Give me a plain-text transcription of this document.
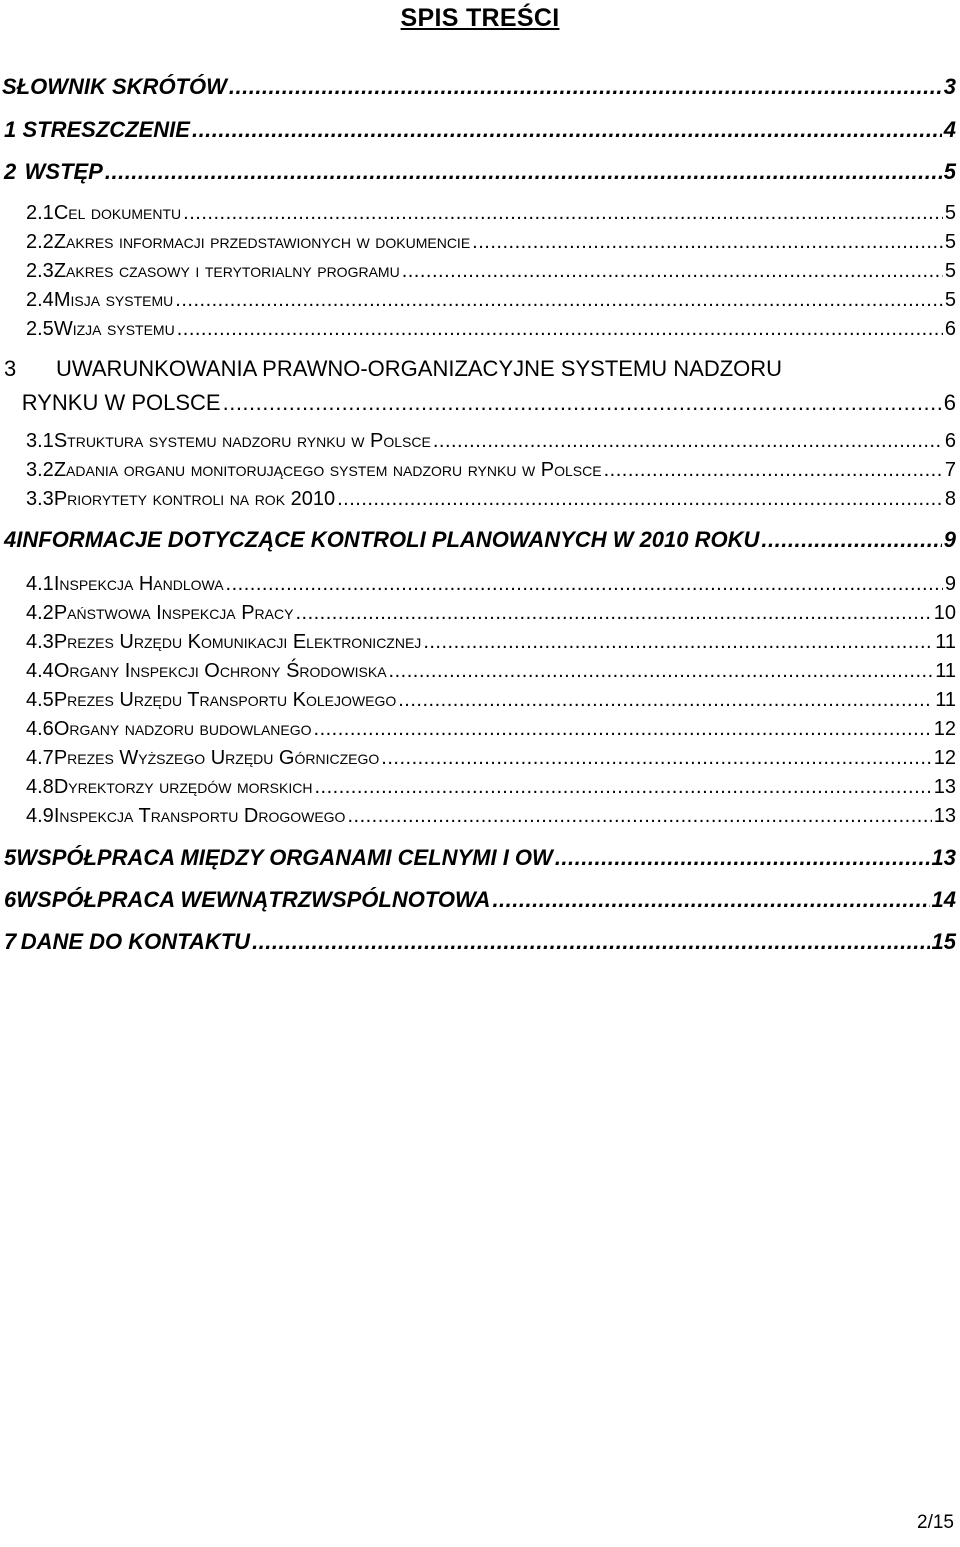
SPIS TREŚCI
SŁOWNIK SKRÓTÓW .....	3
1 STRESZCZENIE .....	4
2 WSTĘP .....	5
2.1 Cel dokumentu .....	5
2.2 Zakres informacji przedstawionych w dokumencie .....	5
2.3 Zakres czasowy i terytorialny programu .....	5
2.4 Misja systemu .....	5
2.5 Wizja systemu .....	6
3	UWARUNKOWANIA PRAWNO-ORGANIZACYJNE SYSTEMU NADZORU
RYNKU W POLSCE .....	6
3.1 Struktura systemu nadzoru rynku w Polsce .....	6
3.2 Zadania organu monitorującego system nadzoru rynku w Polsce .....	7
3.3 Priorytety kontroli na rok 2010 .....	8
4 INFORMACJE DOTYCZĄCE KONTROLI PLANOWANYCH W 2010 ROKU .....	9
4.1 Inspekcja Handlowa .....	9
4.2 Państwowa Inspekcja Pracy .....	10
4.3 Prezes Urzędu Komunikacji Elektronicznej .....	11
4.4 Organy Inspekcji Ochrony Środowiska .....	11
4.5 Prezes Urzędu Transportu Kolejowego .....	11
4.6 Organy nadzoru budowlanego .....	12
4.7 Prezes Wyższego Urzędu Górniczego .....	12
4.8 Dyrektorzy urzędów morskich .....	13
4.9 Inspekcja Transportu Drogowego .....	13
5 WSPÓŁPRACA MIĘDZY ORGANAMI CELNYMI I OW .....	13
6 WSPÓŁPRACA WEWNĄTRZWSPÓLNOTOWA .....	14
7 DANE DO KONTAKTU .....	15
2/15
